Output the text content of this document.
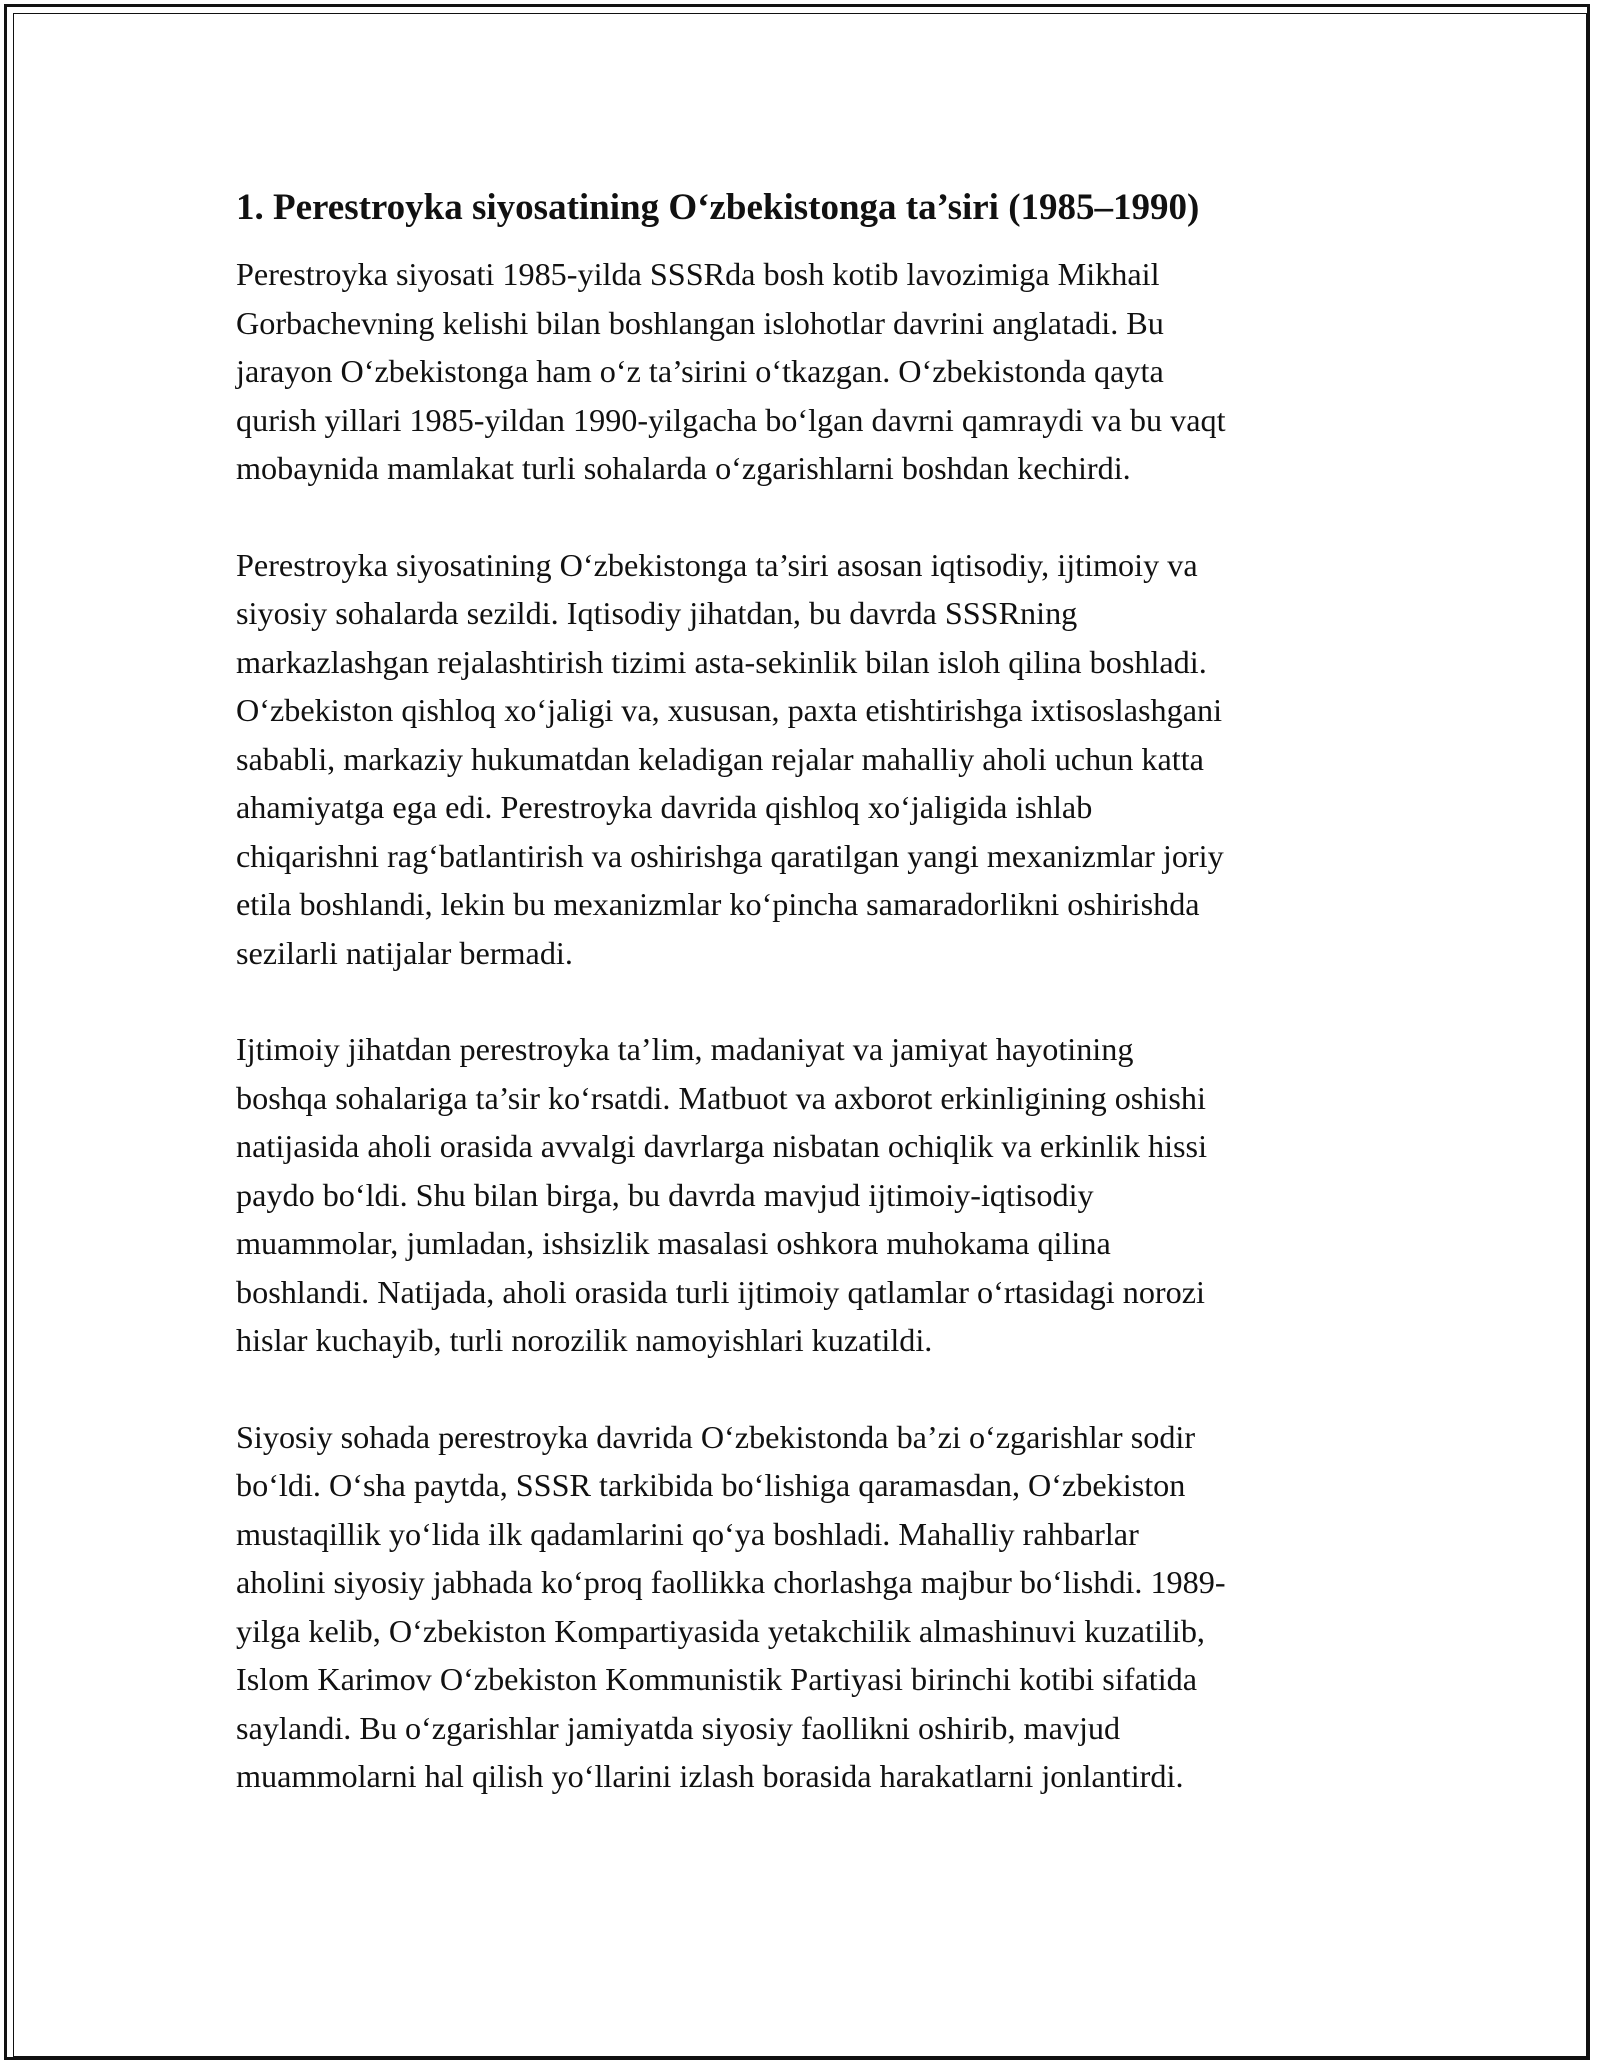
1. Perestroyka siyosatining O‘zbekistonga ta’siri (1985–1990)

Perestroyka siyosati 1985-yilda SSSRda bosh kotib lavozimiga Mikhail
Gorbachevning kelishi bilan boshlangan islohotlar davrini anglatadi. Bu
jarayon O‘zbekistonga ham o‘z ta’sirini o‘tkazgan. O‘zbekistonda qayta
qurish yillari 1985-yildan 1990-yilgacha bo‘lgan davrni qamraydi va bu vaqt
mobaynida mamlakat turli sohalarda o‘zgarishlarni boshdan kechirdi.

Perestroyka siyosatining O‘zbekistonga ta’siri asosan iqtisodiy, ijtimoiy va
siyosiy sohalarda sezildi. Iqtisodiy jihatdan, bu davrda SSSRning
markazlashgan rejalashtirish tizimi asta-sekinlik bilan isloh qilina boshladi.
O‘zbekiston qishloq xo‘jaligi va, xususan, paxta etishtirishga ixtisoslashgani
sababli, markaziy hukumatdan keladigan rejalar mahalliy aholi uchun katta
ahamiyatga ega edi. Perestroyka davrida qishloq xo‘jaligida ishlab
chiqarishni rag‘batlantirish va oshirishga qaratilgan yangi mexanizmlar joriy
etila boshlandi, lekin bu mexanizmlar ko‘pincha samaradorlikni oshirishda
sezilarli natijalar bermadi.

Ijtimoiy jihatdan perestroyka ta’lim, madaniyat va jamiyat hayotining
boshqa sohalariga ta’sir ko‘rsatdi. Matbuot va axborot erkinligining oshishi
natijasida aholi orasida avvalgi davrlarga nisbatan ochiqlik va erkinlik hissi
paydo bo‘ldi. Shu bilan birga, bu davrda mavjud ijtimoiy-iqtisodiy
muammolar, jumladan, ishsizlik masalasi oshkora muhokama qilina
boshlandi. Natijada, aholi orasida turli ijtimoiy qatlamlar o‘rtasidagi norozi
hislar kuchayib, turli norozilik namoyishlari kuzatildi.

Siyosiy sohada perestroyka davrida O‘zbekistonda ba’zi o‘zgarishlar sodir
bo‘ldi. O‘sha paytda, SSSR tarkibida bo‘lishiga qaramasdan, O‘zbekiston
mustaqillik yo‘lida ilk qadamlarini qo‘ya boshladi. Mahalliy rahbarlar
aholini siyosiy jabhada ko‘proq faollikka chorlashga majbur bo‘lishdi. 1989-
yilga kelib, O‘zbekiston Kompartiyasida yetakchilik almashinuvi kuzatilib,
Islom Karimov O‘zbekiston Kommunistik Partiyasi birinchi kotibi sifatida
saylandi. Bu o‘zgarishlar jamiyatda siyosiy faollikni oshirib, mavjud
muammolarni hal qilish yo‘llarini izlash borasida harakatlarni jonlantirdi.
